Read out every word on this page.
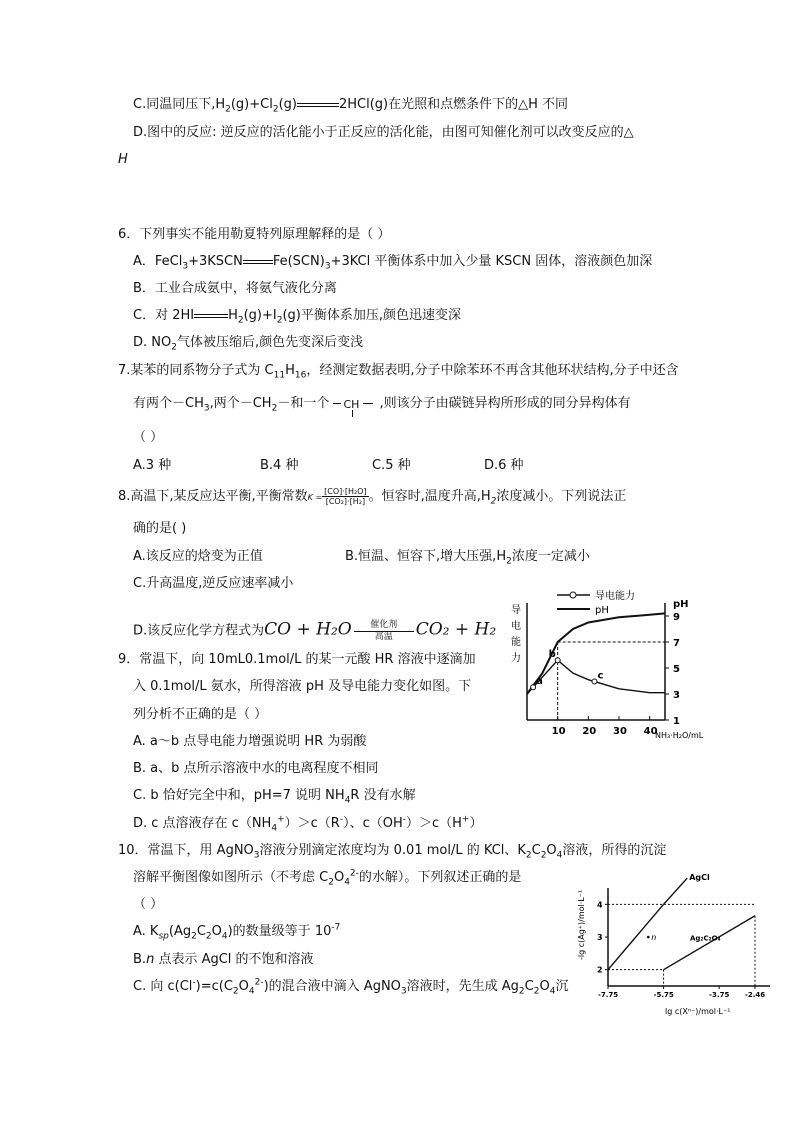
C.同温同压下$,H_2(g)+Cl_2(g)$	2HCl(g)在光照和点燃条件下的△H 不同
D.图中的反应: 逆反应的活化能小于正反应的活化能，由图可知催化剂可以改变反应的△
H
6．下列事实不能用勒夏特列原理解释的是（ ）
A．FeCl$_3$+3KSCN $Fe(SCN)_3+3KCl$ 平衡体系中加入少量 KSCN 固体，溶液颜色加深
B．工业合成氨中，将氨气液化分离
C．对 2HI	$H_2(g)+I_2(g)$平衡体系加压,颜色迅速变深
D. $NO_2$气体被压缩后,颜色先变深后变浅
7.某苯的同系物分子式为 $C_{11}H_{16}$，经测定数据表明,分子中除苯环不再含其他环状结构,分子中还含
有两个$-CH_3$,两个$-CH_2-$和一个 CH ,则该分子由碳链异构所形成的同分异构体有
（ ）
A.3 种	B.4 种	C.5 种	D.6 种
8.高温下,某反应达平衡,平衡常数$K = \frac{\text{[CO]·[H₂O]}}{\text{[CO₂]·[H₂]}}$ 。恒容时,温度升高$,H_2$浓度减小。下列说法正
确的是( )
A.该反应的焓变为正值	B.恒温、恒容下,增大压强$,H_2$浓度一定减小
C.升高温度,逆反应速率减小
D.该反应化学方程式为CO + H₂O	催化剂
高温	CO₂ + H₂
9．常温下，向 10mL0.1mol/L 的某一元酸 HR 溶液中逐滴加
入 0.1mol/L 氨水，所得溶液 pH 及导电能力变化如图。下
列分析不正确的是（ ）
A. a～b 点导电能力增强说明 HR 为弱酸
B. a、b 点所示溶液中水的电离程度不相同
C. b 恰好完全中和，pH=7 说明 $NH_4R$ 没有水解
D. c 点溶液存在 $c(NH_4^+)>c(R^-)$、c（OH-）＞c（H+）
导电能力
pH
导
电
能
力
pH
NH₃·H₂O/mL
10 20 30 40
1
3
5
7
9
a
b
c
10．常温下，用 AgNO$_3$溶液分别滴定浓度均为 0.01 mol/L 的 KCl、$K_2C_2O_4$溶液，所得的沉淀
溶解平衡图像如图所示（不考虑 $C_2O_4^{2-}$的水解）。下列叙述正确的是
（ ）
A. $K_{sp}(Ag_2C_2O_4)$的数量级等于 $10^{-7}$
B.n 点表示 AgCl 的不饱和溶液
C. 向 $c(Cl^-)=c(C_2O_4^{2-})$的混合液中滴入 AgNO$_3$溶液时，先生成 $Ag_2C_2O_4$沉
-lg c(Ag⁺)/mol·L⁻¹
lg c(Xⁿ⁻)/mol·L⁻¹
-7.75	-5.75	-3.75 -2.46
2
3
4
AgCl
Ag₂C₂O₄
n
